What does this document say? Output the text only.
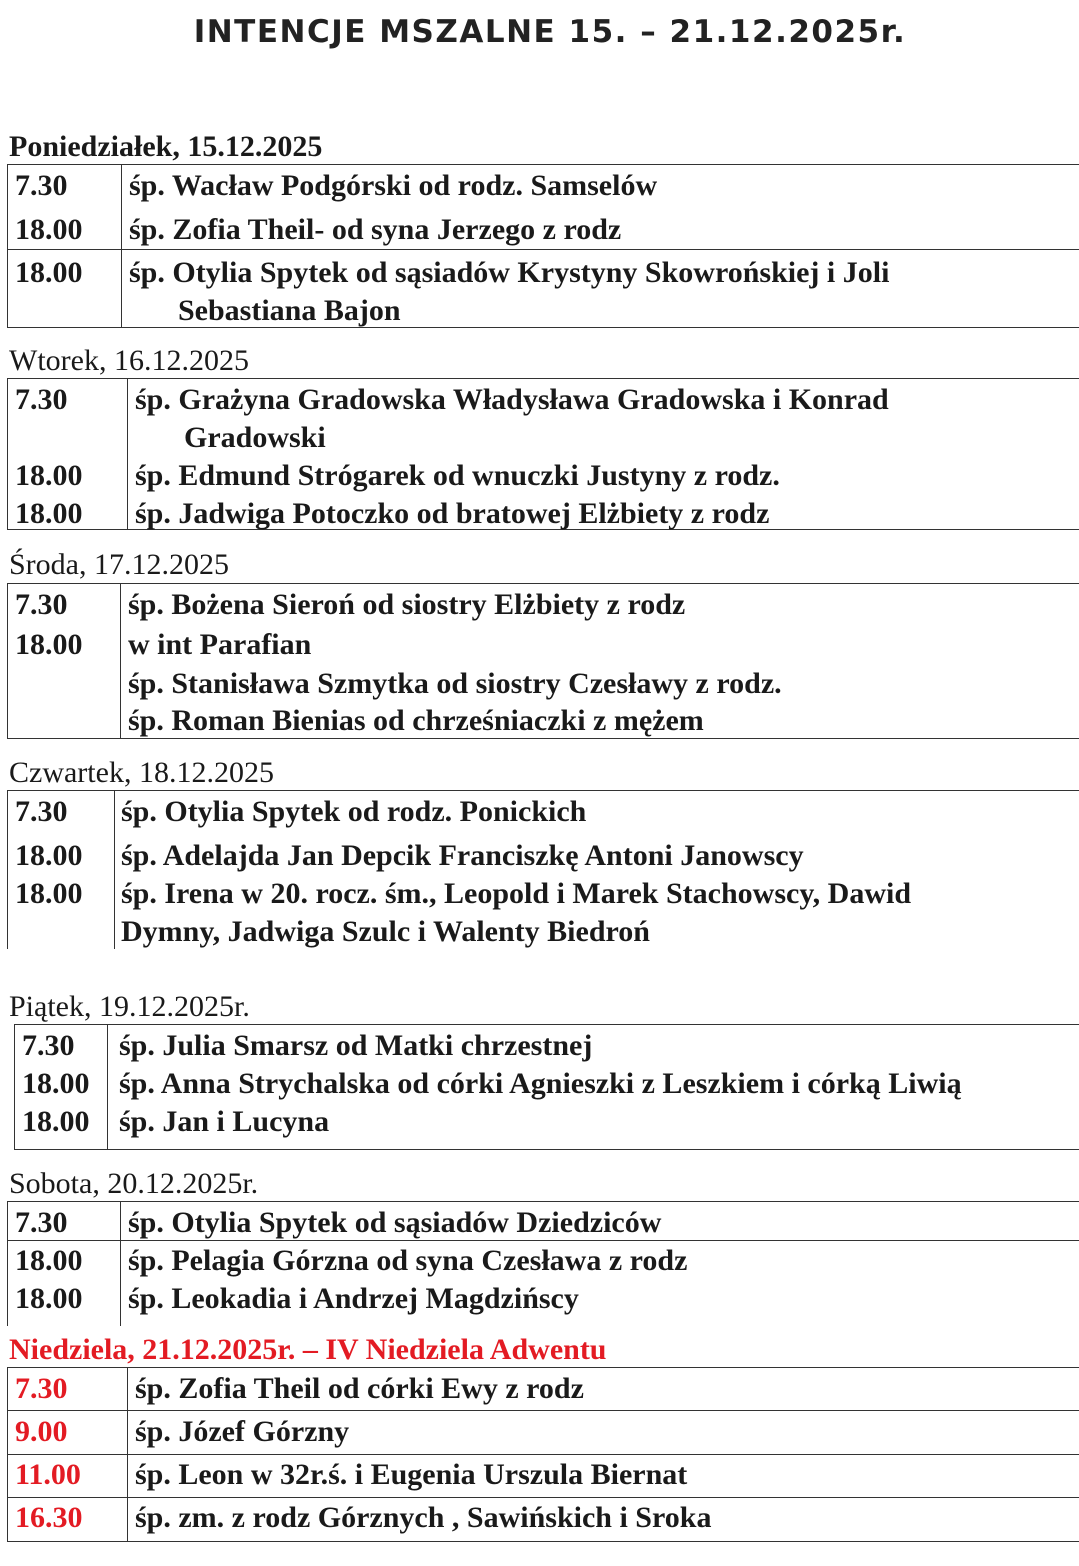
INTENCJE MSZALNE 15. – 21.12.2025r.
Poniedziałek, 15.12.2025
7.30 śp. Wacław Podgórski od rodz. Samselów
18.00 śp. Zofia Theil- od syna Jerzego z rodz
18.00 śp. Otylia Spytek od sąsiadów Krystyny Skowrońskiej i Joli
Sebastiana Bajon
Wtorek, 16.12.2025
7.30 śp. Grażyna Gradowska Władysława Gradowska i Konrad
Gradowski
18.00 śp. Edmund Strógarek od wnuczki Justyny z rodz.
18.00 śp. Jadwiga Potoczko od bratowej Elżbiety z rodz
Środa, 17.12.2025
7.30 śp. Bożena Sieroń od siostry Elżbiety z rodz
18.00 w int Parafian
śp. Stanisława Szmytka od siostry Czesławy z rodz.
śp. Roman Bienias od chrześniaczki z mężem
Czwartek, 18.12.2025
7.30 śp. Otylia Spytek od rodz. Ponickich
18.00 śp. Adelajda Jan Depcik Franciszkę Antoni Janowscy
18.00 śp. Irena w 20. rocz. śm., Leopold i Marek Stachowscy, Dawid
Dymny, Jadwiga Szulc i Walenty Biedroń
Piątek, 19.12.2025r.
7.30 śp. Julia Smarsz od Matki chrzestnej
18.00 śp. Anna Strychalska od córki Agnieszki z Leszkiem i córką Liwią
18.00 śp. Jan i Lucyna
Sobota, 20.12.2025r.
7.30 śp. Otylia Spytek od sąsiadów Dziedziców
18.00 śp. Pelagia Górzna od syna Czesława z rodz
18.00 śp. Leokadia i Andrzej Magdzińscy
Niedziela, 21.12.2025r. – IV Niedziela Adwentu
7.30 śp. Zofia Theil od córki Ewy z rodz
9.00 śp. Józef Górzny
11.00 śp. Leon w 32r.ś. i Eugenia Urszula Biernat
16.30 śp. zm. z rodz Górznych , Sawińskich i Sroka
